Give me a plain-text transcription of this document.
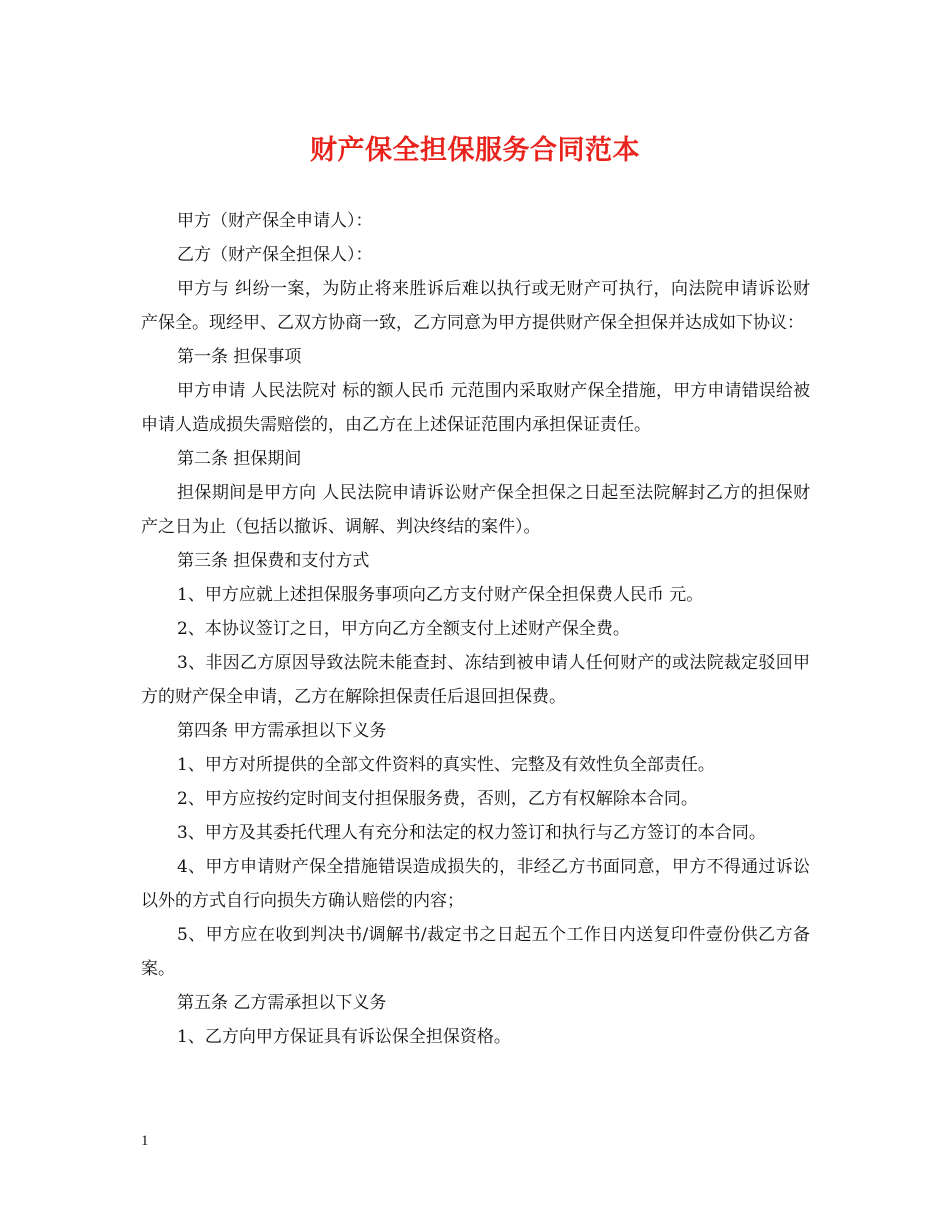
财产保全担保服务合同范本

甲方（财产保全申请人）：

乙方（财产保全担保人）：

甲方与 纠纷一案，为防止将来胜诉后难以执行或无财产可执行，向法院申请诉讼财产保全。现经甲、乙双方协商一致，乙方同意为甲方提供财产保全担保并达成如下协议：

第一条 担保事项

甲方申请 人民法院对 标的额人民币 元范围内采取财产保全措施，甲方申请错误给被申请人造成损失需赔偿的，由乙方在上述保证范围内承担保证责任。

第二条 担保期间

担保期间是甲方向 人民法院申请诉讼财产保全担保之日起至法院解封乙方的担保财产之日为止（包括以撤诉、调解、判决终结的案件）。

第三条 担保费和支付方式

1、甲方应就上述担保服务事项向乙方支付财产保全担保费人民币 元。

2、本协议签订之日，甲方向乙方全额支付上述财产保全费。

3、非因乙方原因导致法院未能查封、冻结到被申请人任何财产的或法院裁定驳回甲方的财产保全申请，乙方在解除担保责任后退回担保费。

第四条 甲方需承担以下义务

1、甲方对所提供的全部文件资料的真实性、完整及有效性负全部责任。

2、甲方应按约定时间支付担保服务费，否则，乙方有权解除本合同。

3、甲方及其委托代理人有充分和法定的权力签订和执行与乙方签订的本合同。

4、甲方申请财产保全措施错误造成损失的，非经乙方书面同意，甲方不得通过诉讼以外的方式自行向损失方确认赔偿的内容；

5、甲方应在收到判决书/调解书/裁定书之日起五个工作日内送复印件壹份供乙方备案。

第五条 乙方需承担以下义务

1、乙方向甲方保证具有诉讼保全担保资格。

1
